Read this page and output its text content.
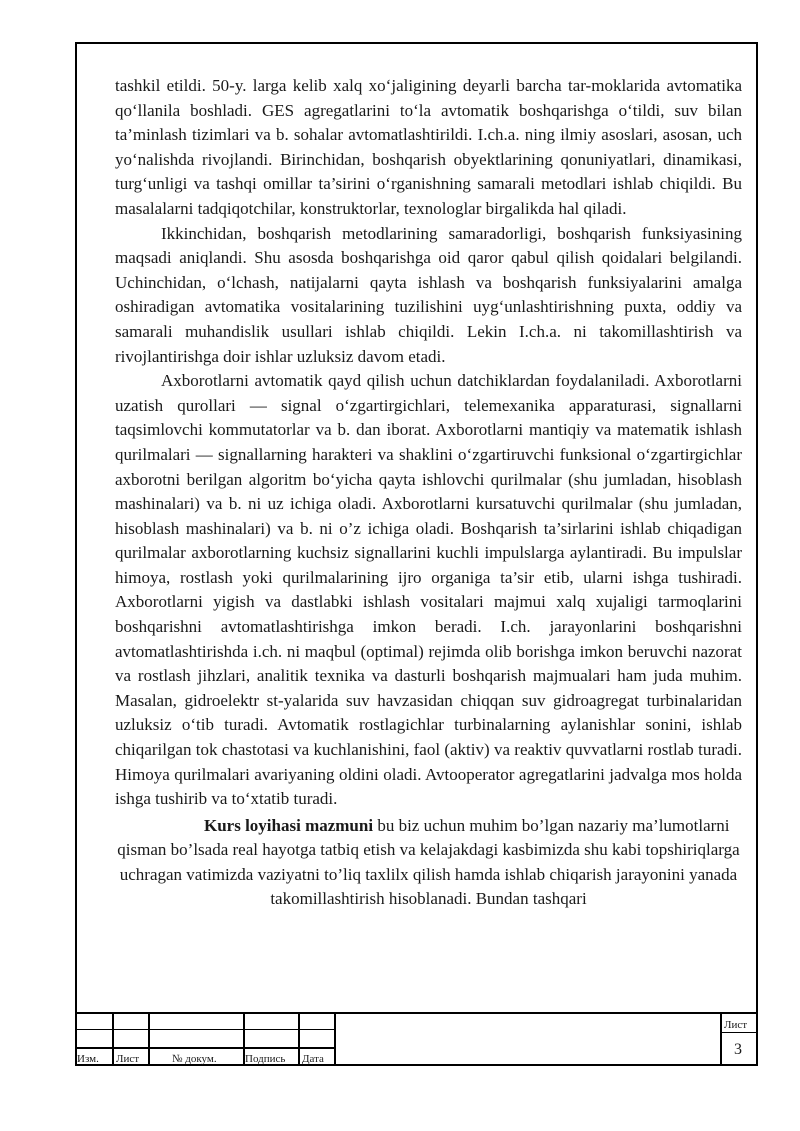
tashkil etildi. 50-y. larga kelib xalq xo‘jaligining deyarli barcha tar-moklarida avtomatika qo‘llanila boshladi. GES agregatlarini to‘la avtomatik boshqarishga o‘tildi, suv bilan ta’minlash tizimlari va b. sohalar avtomatlashtirildi. I.ch.a. ning ilmiy asoslari, asosan, uch yo‘nalishda rivojlandi. Birinchidan, boshqarish obyektlarining qonuniyatlari, dinamikasi, turg‘unligi va tashqi omillar ta’sirini o‘rganishning samarali metodlari ishlab chiqildi. Bu masalalarni tadqiqotchilar, konstruktorlar, texnologlar birgalikda hal qiladi.

Ikkinchidan, boshqarish metodlarining samaradorligi, boshqarish funksiyasining maqsadi aniqlandi. Shu asosda boshqarishga oid qaror qabul qilish qoidalari belgilandi. Uchinchidan, o‘lchash, natijalarni qayta ishlash va boshqarish funksiyalarini amalga oshiradigan avtomatika vositalarining tuzilishini uyg‘unlashtirishning puxta, oddiy va samarali muhandislik usullari ishlab chiqildi. Lekin I.ch.a. ni takomillashtirish va rivojlantirishga doir ishlar uzluksiz davom etadi.

Axborotlarni avtomatik qayd qilish uchun datchiklardan foydalaniladi. Axborotlarni uzatish qurollari — signal o‘zgartirgichlari, telemexanika apparaturasi, signallarni taqsimlovchi kommutatorlar va b. dan iborat. Axborotlarni mantiqiy va matematik ishlash qurilmalari — signallarning harakteri va shaklini o‘zgartiruvchi funksional o‘zgartirgichlar axborotni berilgan algoritm bo‘yicha qayta ishlovchi qurilmalar (shu jumladan, hisoblash mashinalari) va b. ni uz ichiga oladi. Axborotlarni kursatuvchi qurilmalar (shu jumladan, hisoblash mashinalari) va b. ni o’z ichiga oladi. Boshqarish ta’sirlarini ishlab chiqadigan qurilmalar axborotlarning kuchsiz signallarini kuchli impulslarga aylantiradi. Bu impulslar himoya, rostlash yoki qurilmalarining ijro organiga ta’sir etib, ularni ishga tushiradi. Axborotlarni yigish va dastlabki ishlash vositalari majmui xalq xujaligi tarmoqlarini boshqarishni avtomatlashtirishga imkon beradi. I.ch. jarayonlarini boshqarishni avtomatlashtirishda i.ch. ni maqbul (optimal) rejimda olib borishga imkon beruvchi nazorat va rostlash jihzlari, analitik texnika va dasturli boshqarish majmualari ham juda muhim. Masalan, gidroelektr st-yalarida suv havzasidan chiqqan suv gidroagregat turbinalaridan uzluksiz o‘tib turadi. Avtomatik rostlagichlar turbinalarning aylanishlar sonini, ishlab chiqarilgan tok chastotasi va kuchlanishini, faol (aktiv) va reaktiv quvvatlarni rostlab turadi. Himoya qurilmalari avariyaning oldini oladi. Avtooperator agregatlarini jadvalga mos holda ishga tushirib va to‘xtatib turadi.

Kurs loyihasi mazmuni bu biz uchun muhim bo’lgan nazariy ma’lumotlarni qisman bo’lsada real hayotga tatbiq etish va kelajakdagi kasbimizda shu kabi topshiriqlarga uchragan vatimizda vaziyatni to’liq taxlilx qilish hamda ishlab chiqarish jarayonini yanada takomillashtirish hisoblanadi. Bundan tashqari

Изм. Лист	№ докум.	Подпись Дата
Лист
3
